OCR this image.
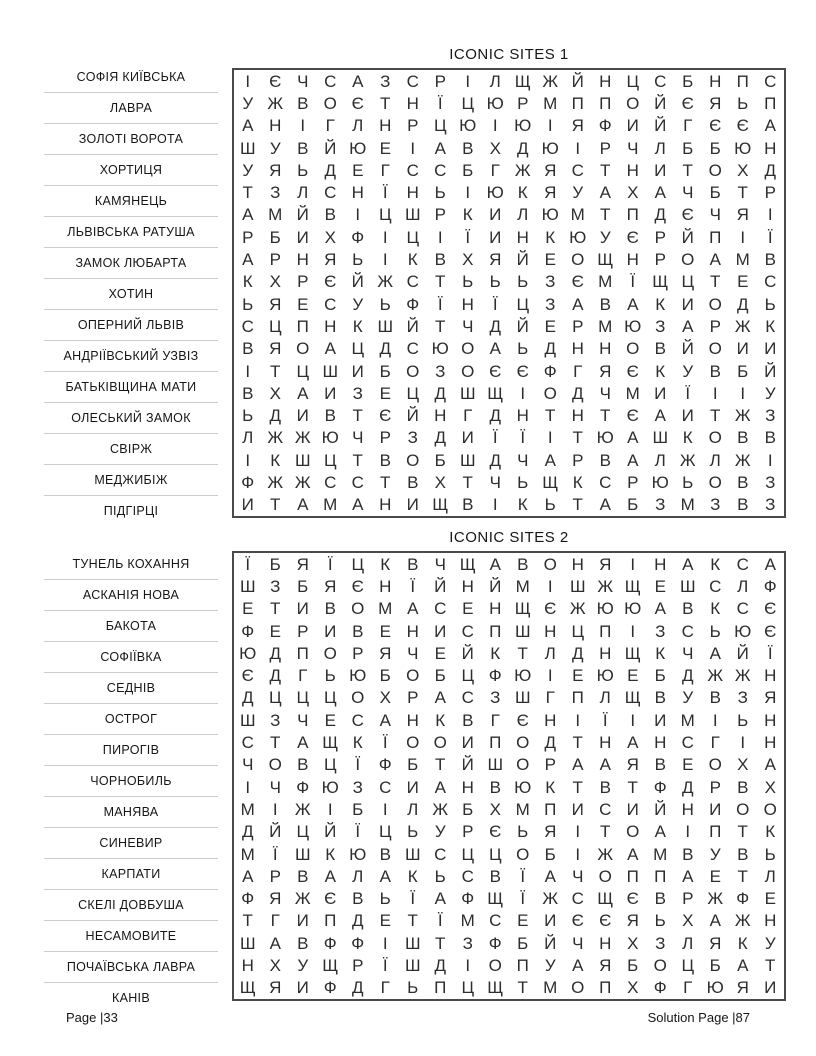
ICONIC SITES 1
СОФІЯ КИЇВСЬКА
ЛАВРА
ЗОЛОТІ ВОРОТА
ХОРТИЦЯ
КАМЯНЕЦЬ
ЛЬВІВСЬКА РАТУША
ЗАМОК ЛЮБАРТА
ХОТИН
ОПЕРНИЙ ЛЬВІВ
АНДРІЇВСЬКИЙ УЗВІЗ
БАТЬКІВЩИНА МАТИ
ОЛЕСЬКИЙ ЗАМОК
СВІРЖ
МЕДЖИБІЖ
ПІДГІРЦІ
І	Є Ч С А З С Р	І	Л Щ Ж Й Н Ц С Б Н П С
У Ж В О Є Т Н	Ї	Ц Ю Р М П П О Й Є Я Ь П
А Н	І	Г	Л Н Р Ц Ю І Ю І	Я Ф И Й Г Є Є А
Ш У В Й Ю Е	І	А В Х Д Ю І	Р Ч Л Б Б Ю Н
У Я Ь Д Е	Г С С Б	Г Ж Я С Т Н И Т О Х Д
Т	З Л С Н	Ї	Н Ь	І Ю К Я У А Х А Ч Б Т Р
А М Й В	І	Ц Ш Р К И Л Ю М Т П Д Є Ч Я	І
Р Б И Х Ф	І	Ц	І	Ї	И Н К Ю У Є Р Й П	І	Ї
А Р Н Я Ь	І	К В Х Я Й Е О Щ Н Р О А М В
К Х Р Є Й Ж С Т Ь Ь Ь З Є М	Ї	Щ Ц Т Е С
Ь Я Е С У Ь Ф	Ї	Н	Ї	Ц З А В А К И О Д Ь
С Ц П Н К Ш Й Т Ч Д Й Е Р М Ю З А Р Ж К
В Я О А Ц Д С Ю О А Ь Д Н Н О В Й О И И
І	Т Ц Ш И Б О З О Є Є Ф Г Я Є К	У В Б Й
В Х А И З Е Ц Д Ш Щ	І	О Д Ч М И	Ї	І	І	У
Ь Д И В Т Є Й Н Г	Д Н Т Н Т Є А И Т Ж З
Л Ж Ж Ю Ч Р З Д И	Ї	Ї	І	Т Ю А Ш К О В В
І	К Ш Ц Т В О Б Ш Д Ч А Р В А Л Ж Л Ж	І
Ф Ж Ж С С Т В Х Т Ч Ь Щ К С Р Ю Ь О В З
И Т А М А Н И Щ В	І	К Ь Т А Б З М З В З
ICONIC SITES 2
ТУНЕЛЬ КОХАННЯ
АСКАНІЯ НОВА
БАКОТА
СОФІЇВКА
СЕДНІВ
ОСТРОГ
ПИРОГІВ
ЧОРНОБИЛЬ
МАНЯВА
СИНЕВИР
КАРПАТИ
СКЕЛІ ДОВБУША
НЕСАМОВИТЕ
ПОЧАЇВСЬКА ЛАВРА
КАНІВ
Ї	Б Я	Ї	Ц К В Ч Щ А В О Н Я	І	Н А К С А
Ш З Б Я Є Н	Ї	Й Н Й М	І	Ш Ж Щ Е Ш С Л Ф
Е Т И В О М А С Е Н Щ Є Ж Ю Ю А В К С Є
Ф Е Р И В Е Н И С П Ш Н Ц П	І	З С Ь Ю Є
Ю Д П О Р Я Ч Е Й К	Т Л Д Н Щ К Ч А Й	Ї
Є Д	Г	Ь Ю Б О Б Ц Ф Ю І	Е Ю Е Б Д Ж Ж Н
Д Ц Ц Ц О Х Р А С З Ш Г П Л Щ В У В З Я
Ш З Ч Е С А Н К В	Г Є Н	І	Ї	І	И М	І	Ь Н
С Т А Щ К	Ї	О О И П О Д Т Н А Н С Г	І	Н
Ч О В Ц	Ї	Ф Б Т Й Ш О Р А А Я В Е О Х А
І	Ч Ф Ю З С И А Н В Ю К	Т В Т Ф Д Р В Х
М	І	Ж	І	Б	І	Л Ж Б Х М П И С И Й Н И О О
Д Й Ц Й	Ї	Ц Ь У Р Є Ь Я	І	Т О А	І	П Т	К
М	Ї	Ш К Ю В Ш С Ц Ц О Б	І	Ж А М В У В Ь
А Р В А Л А К Ь С В	Ї	А Ч О П П А Е Т Л
Ф Я Ж Є В Ь	Ї	А Ф Щ	Ї	Ж С Щ Є В Р Ж Ф Е
Т	Г И П Д Е Т	Ї	М С Е И Є Є Я Ь Х А Ж Н
Ш А В Ф Ф	І	Ш Т	З Ф Б Й Ч Н Х З Л Я К	У
Н Х У Щ Р	Ї	Ш Д	І	О П У А Я Б О Ц Б А Т
Щ Я И Ф Д	Г	Ь П Ц Щ Т М О П Х Ф Г Ю Я И
Page |33	Solution Page |87
